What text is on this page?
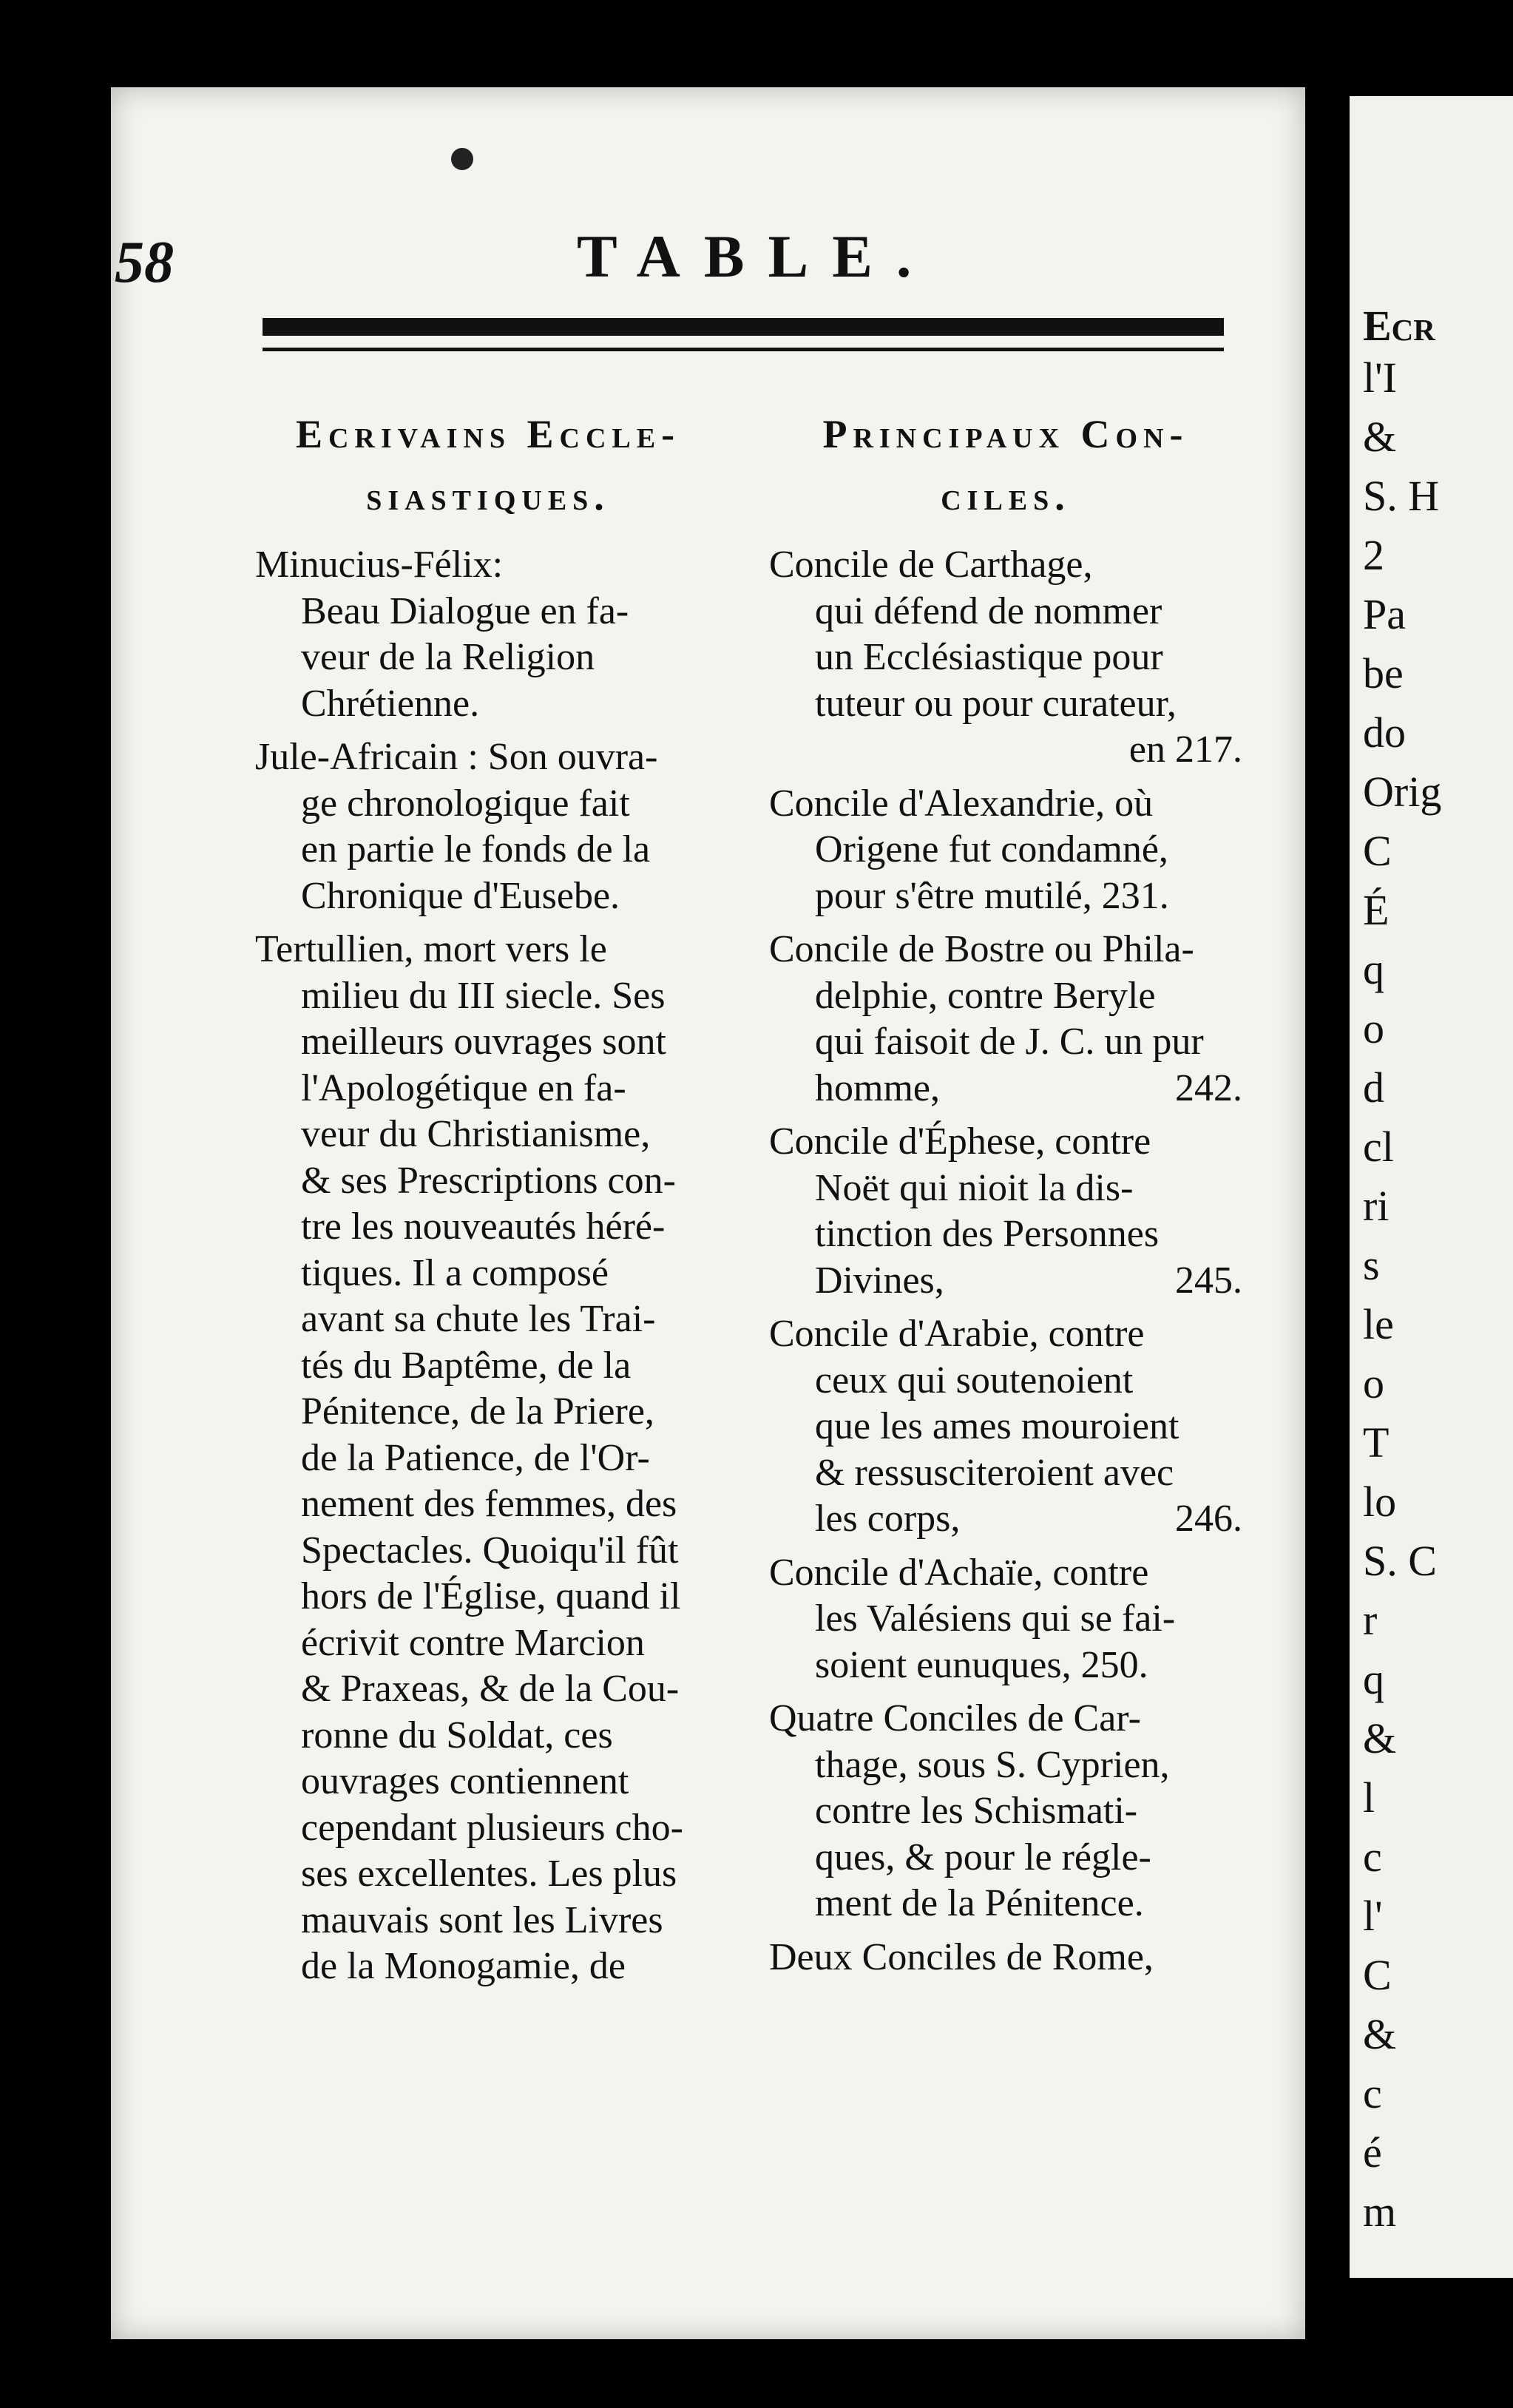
Ecr
l'I
&
S. H
2
Pa
be
do
Orig
C
É
q
o
d
cl
ri
s
le
o
T
lo
S. C
r
q
&
l
c
l'
C
&
c
é
m
58	TABLE.
Ecrivains Eccle-
siastiques.
Minucius-Félix:
Beau Dialogue en fa-
veur de la Religion
Chrétienne.
Jule-Africain : Son ouvra-
ge chronologique fait
en partie le fonds de la
Chronique d'Eusebe.
Tertullien, mort vers le
milieu du III siecle. Ses
meilleurs ouvrages sont
l'Apologétique en fa-
veur du Christianisme,
& ses Prescriptions con-
tre les nouveautés héré-
tiques. Il a composé
avant sa chute les Trai-
tés du Baptême, de la
Pénitence, de la Priere,
de la Patience, de l'Or-
nement des femmes, des
Spectacles. Quoiqu'il fût
hors de l'Église, quand il
écrivit contre Marcion
& Praxeas, & de la Cou-
ronne du Soldat, ces
ouvrages contiennent
cependant plusieurs cho-
ses excellentes. Les plus
mauvais sont les Livres
de la Monogamie, de
Principaux Con-
ciles.
Concile de Carthage,
qui défend de nommer
un Ecclésiastique pour
tuteur ou pour curateur,
en 217.
Concile d'Alexandrie, où
Origene fut condamné,
pour s'être mutilé, 231.
Concile de Bostre ou Phila-
delphie, contre Beryle
qui faisoit de J. C. un pur
homme,	242.
Concile d'Éphese, contre
Noët qui nioit la dis-
tinction des Personnes
Divines,	245.
Concile d'Arabie, contre
ceux qui soutenoient
que les ames mouroient
& ressusciteroient avec
les corps,	246.
Concile d'Achaïe, contre
les Valésiens qui se fai-
soient eunuques, 250.
Quatre Conciles de Car-
thage, sous S. Cyprien,
contre les Schismati-
ques, & pour le régle-
ment de la Pénitence.
Deux Conciles de Rome,
